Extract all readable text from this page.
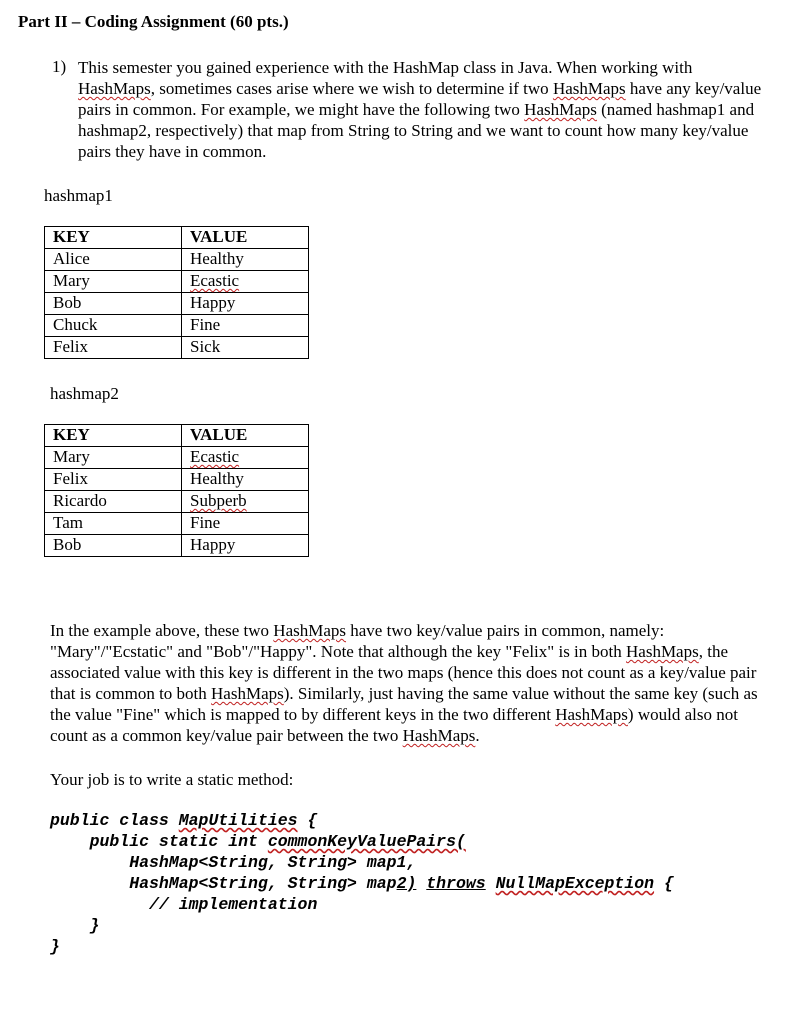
Part II – Coding Assignment (60 pts.)
1) This semester you gained experience with the HashMap class in Java. When working with HashMaps, sometimes cases arise where we wish to determine if two HashMaps have any key/value pairs in common. For example, we might have the following two HashMaps (named hashmap1 and hashmap2, respectively) that map from String to String and we want to count how many key/value pairs they have in common.
hashmap1
KEY	VALUE
Alice	Healthy
Mary	Ecastic
Bob	Happy
Chuck	Fine
Felix	Sick
hashmap2
KEY	VALUE
Mary	Ecastic
Felix	Healthy
Ricardo	Subperb
Tam	Fine
Bob	Happy
In the example above, these two HashMaps have two key/value pairs in common, namely: "Mary"/"Ecstatic" and "Bob"/"Happy". Note that although the key "Felix" is in both HashMaps, the associated value with this key is different in the two maps (hence this does not count as a key/value pair that is common to both HashMaps). Similarly, just having the same value without the same key (such as the value "Fine" which is mapped to by different keys in the two different HashMaps) would also not count as a common key/value pair between the two HashMaps.
Your job is to write a static method:
public class MapUtilities {
public static int commonKeyValuePairs(
HashMap<String, String> map1,
HashMap<String, String> map2) throws NullMapException {
// implementation
}
}
